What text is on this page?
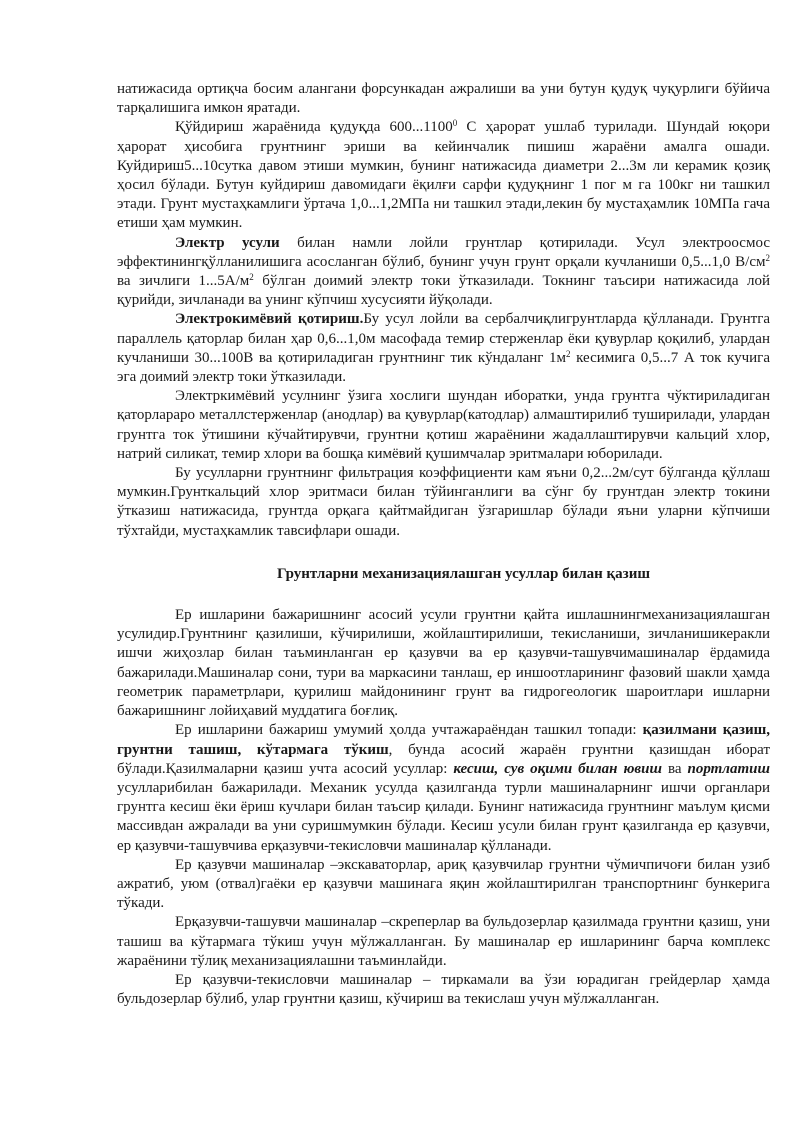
натижасида ортиқча босим алангани форсункадан ажралиши ва уни бутун қудуқ чуқурлиги бўйича тарқалишига имкон яратади.

Қўйдириш жараёнида қудуқда 600...1100$^0$ С ҳарорат ушлаб турилади. Шундай юқори ҳарорат ҳисобига грунтнинг эриши ва кейинчалик пишиш жараёни амалга ошади. Куйдириш5...10сутка давом этиши мумкин, бунинг натижасида диаметри 2...3м ли керамик қозиқ ҳосил бўлади. Бутун куйдириш давомидаги ёқилғи сарфи қудуқнинг 1 пог м га 100кг ни ташкил этади. Грунт мустаҳкамлиги ўртача 1,0...1,2МПа ни ташкил этади,лекин бу мустаҳамлик 10МПа гача етиши ҳам мумкин.

Электр усули билан намли лойли грунтлар қотирилади. Усул электроосмос эффектинингқўлланилишига асосланган бўлиб, бунинг учун грунт орқали кучланиши 0,5...1,0 $В/см^2$ ва зичлиги $1...5А/м^2$ бўлган доимий электр токи ўтказилади. Токнинг таъсири натижасида лой қурийди, зичланади ва унинг кўпчиш хусусияти йўқолади.

Электрокимёвий қотириш.Бу усул лойли ва сербалчиқлигрунтларда қўлланади. Грунтга параллель қаторлар билан ҳар 0,6...1,0м масофада темир стерженлар ёки қувурлар қоқилиб, улардан кучланиши 30...100В ва қотириладиган грунтнинг тик кўндаланг $1м^2$ кесимига 0,5...7 А ток кучига эга доимий электр токи ўтказилади.

Электркимёвий усулнинг ўзига хослиги шундан иборатки, унда грунтга чўктириладиган қаторлараро металлстерженлар (анодлар) ва қувурлар(катодлар) алмаштирилиб туширилади, улардан грунтга ток ўтишини кўчайтирувчи, грунтни қотиш жараёнини жадаллаштирувчи кальций хлор, натрий силикат, темир хлори ва бошқа кимёвий қушимчалар эритмалари юборилади.

Бу усулларни грунтнинг фильтрация коэффициенти кам яъни 0,2...2м/сут бўлганда қўллаш мумкин.Грунткальций хлор эритмаси билан тўйинганлиги ва сўнг бу грунтдан электр токини ўтказиш натижасида, грунтда орқага қайтмайдиган ўзгаришлар бўлади яъни уларни кўпчиши тўхтайди, мустаҳкамлик тавсифлари ошади.

Грунтларни механизациялашган усуллар билан қазиш

Ер ишларини бажаришнинг асосий усули грунтни қайта ишлашнингмеханизациялашган усулидир.Грунтнинг қазилиши, кўчирилиши, жойлаштирилиши, текисланиши, зичланишикеракли ишчи жиҳозлар билан таъминланган ер қазувчи ва ер қазувчи-ташувчимашиналар ёрдамида бажарилади.Машиналар сони, тури ва маркасини танлаш, ер иншоотларининг фазовий шакли ҳамда геометрик параметрлари, қурилиш майдонининг грунт ва гидрогеологик шароитлари ишларни бажаришнинг лойиҳавий муддатига боғлиқ.

Ер ишларини бажариш умумий ҳолда учтажараёндан ташкил топади: қазилмани қазиш, грунтни ташиш, кўтармага тўкиш, бунда асосий жараён грунтни қазишдан иборат бўлади.Қазилмаларни қазиш учта асосий усуллар: кесиш, сув оқими билан ювиш ва портлатиш усулларибилан бажарилади. Механик усулда қазилганда турли машиналарнинг ишчи органлари грунтга кесиш ёки ёриш кучлари билан таъсир қилади. Бунинг натижасида грунтнинг маълум қисми массивдан ажралади ва уни суришмумкин бўлади. Кесиш усули билан грунт қазилганда ер қазувчи, ер қазувчи-ташувчива ерқазувчи-текисловчи машиналар қўлланади.

Ер қазувчи машиналар –экскаваторлар, ариқ қазувчилар грунтни чўмичпичоғи билан узиб ажратиб, уюм (отвал)гаёки ер қазувчи машинага яқин жойлаштирилган транспортнинг бункерига тўкади.

Ерқазувчи-ташувчи машиналар –скреперлар ва бульдозерлар қазилмада грунтни қазиш, уни ташиш ва кўтармага тўкиш учун мўлжалланган. Бу машиналар ер ишларининг барча комплекс жараёнини тўлиқ механизациялашни таъминлайди.

Ер қазувчи-текисловчи машиналар – тиркамали ва ўзи юрадиган грейдерлар ҳамда бульдозерлар бўлиб, улар грунтни қазиш, кўчириш ва текислаш учун мўлжалланган.
